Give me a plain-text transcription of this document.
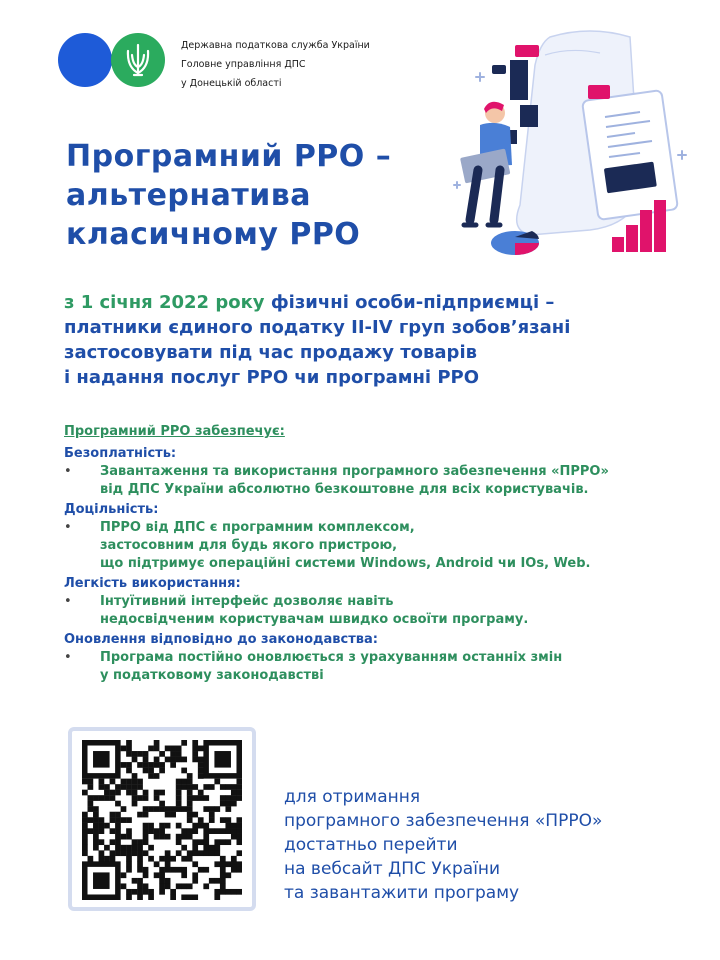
Державна податкова служба України
Головне управління ДПС
у Донецькій області
Програмний РРО –
альтернатива
класичному РРО
з 1 січня 2022 року фізичні особи-підприємці –
платники єдиного податку II-IV груп зобов’язані
застосовувати під час продажу товарів
і надання послуг РРО чи програмні РРО
Програмний РРО забезпечує:
Безоплатність:
• Завантаження та використання програмного забезпечення «ПРРО»
від ДПС України абсолютно безкоштовне для всіх користувачів.
Доцільність:
• ПРРО від ДПС є програмним комплексом,
застосовним для будь якого пристрою,
що підтримує операційні системи Windows, Android чи IOs, Web.
Легкість використання:
• Інтуїтивний інтерфейс дозволяє навіть
недосвідченим користувачам швидко освоїти програму.
Оновлення відповідно до законодавства:
• Програма постійно оновлюється з урахуванням останніх змін
у податковому законодавстві
для отримання
програмного забезпечення «ПРРО»
достатньо перейти
на вебсайт ДПС України
та завантажити програму
